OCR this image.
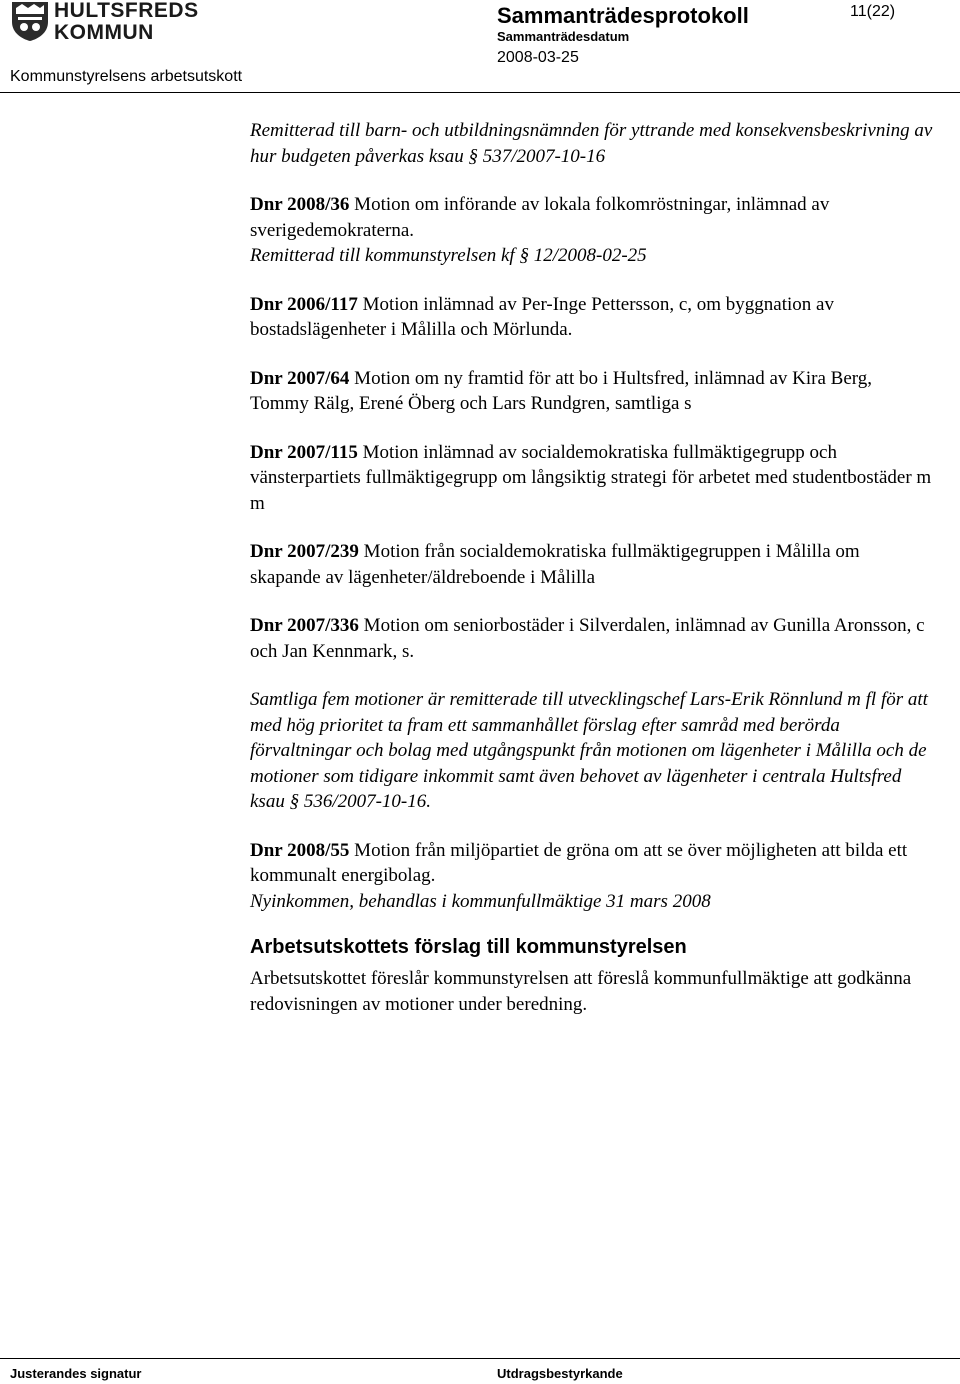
HULTSFREDS
KOMMUN
Kommunstyrelsens arbetsutskott
Sammanträdesprotokoll
Sammanträdesdatum
2008-03-25
11(22)

Remitterad till barn- och utbildningsnämnden för yttrande med konsekvensbeskrivning av hur budgeten påverkas ksau § 537/2007-10-16

Dnr 2008/36 Motion om införande av lokala folkomröstningar, inlämnad av sverigedemokraterna.

Remitterad till kommunstyrelsen kf § 12/2008-02-25

Dnr 2006/117 Motion inlämnad av Per-Inge Pettersson, c, om byggnation av bostadslägenheter i Målilla och Mörlunda.

Dnr 2007/64 Motion om ny framtid för att bo i Hultsfred, inlämnad av Kira Berg, Tommy Rälg, Erené Öberg och Lars Rundgren, samtliga s

Dnr 2007/115 Motion inlämnad av socialdemokratiska fullmäktigegrupp och vänsterpartiets fullmäktigegrupp om långsiktig strategi för arbetet med studentbostäder m m

Dnr 2007/239 Motion från socialdemokratiska fullmäktigegruppen i Målilla om skapande av lägenheter/äldreboende i Målilla

Dnr 2007/336 Motion om seniorbostäder i Silverdalen, inlämnad av Gunilla Aronsson, c och Jan Kennmark, s.

Samtliga fem motioner är remitterade till utvecklingschef Lars-Erik Rönnlund m fl för att med hög prioritet ta fram ett sammanhållet förslag efter samråd med berörda förvaltningar och bolag med utgångspunkt från motionen om lägenheter i Målilla och de motioner som tidigare inkommit samt även behovet av lägenheter i centrala Hultsfred ksau § 536/2007-10-16.

Dnr 2008/55 Motion från miljöpartiet de gröna om att se över möjligheten att bilda ett kommunalt energibolag.

Nyinkommen, behandlas i kommunfullmäktige 31 mars 2008

Arbetsutskottets förslag till kommunstyrelsen

Arbetsutskottet föreslår kommunstyrelsen att föreslå kommunfullmäktige att godkänna redovisningen av motioner under beredning.

Justerandes signatur	Utdragsbestyrkande
